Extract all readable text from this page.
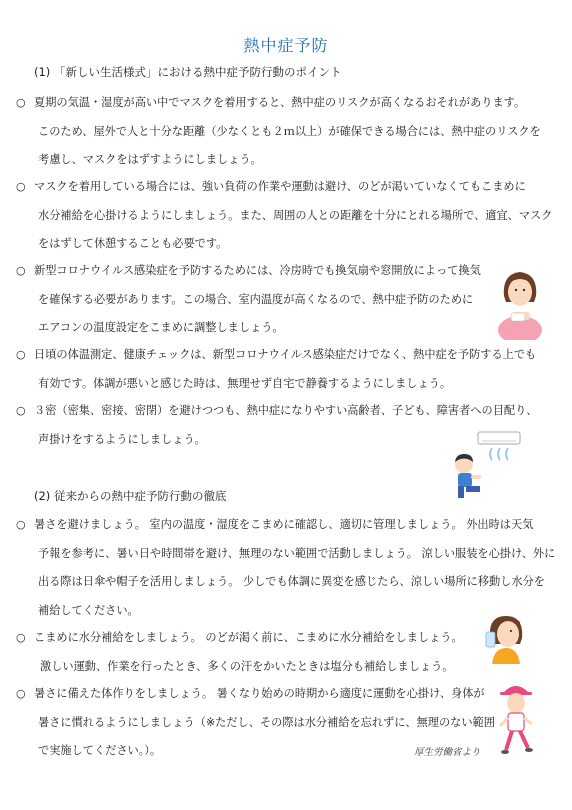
熱中症予防
(1) 「新しい生活様式」における熱中症予防行動のポイント
○ 夏期の気温・湿度が高い中でマスクを着用すると、熱中症のリスクが高くなるおそれがあります。
このため、屋外で人と十分な距離（少なくとも２ｍ以上）が確保できる場合には、熱中症のリスクを
考慮し、マスクをはずすようにしましょう。
○ マスクを着用している場合には、強い負荷の作業や運動は避け、のどが渇いていなくてもこまめに
水分補給を心掛けるようにしましょう。また、周囲の人との距離を十分にとれる場所で、適宜、マスク
をはずして休憩することも必要です。
○ 新型コロナウイルス感染症を予防するためには、冷房時でも換気扇や窓開放によって換気
を確保する必要があります。この場合、室内温度が高くなるので、熱中症予防のために
エアコンの温度設定をこまめに調整しましょう。
○ 日頃の体温測定、健康チェックは、新型コロナウイルス感染症だけでなく、熱中症を予防する上でも
有効です。体調が悪いと感じた時は、無理せず自宅で静養するようにしましょう。
○ ３密（密集、密接、密閉）を避けつつも、熱中症になりやすい高齢者、子ども、障害者への目配り、
声掛けをするようにしましょう。
(2) 従来からの熱中症予防行動の徹底
○ 暑さを避けましょう。 室内の温度・湿度をこまめに確認し、適切に管理しましょう。 外出時は天気
予報を参考に、暑い日や時間帯を避け、無理のない範囲で活動しましょう。 涼しい服装を心掛け、外に
出る際は日傘や帽子を活用しましょう。 少しでも体調に異変を感じたら、涼しい場所に移動し水分を
補給してください。
○ こまめに水分補給をしましょう。 のどが渇く前に、こまめに水分補給をしましょう。
激しい運動、作業を行ったとき、多くの汗をかいたときは塩分も補給しましょう。
○ 暑さに備えた体作りをしましょう。 暑くなり始めの時期から適度に運動を心掛け、身体が
暑さに慣れるようにしましょう（※ただし、その際は水分補給を忘れずに、無理のない範囲
で実施してください。）。	厚生労働省より
